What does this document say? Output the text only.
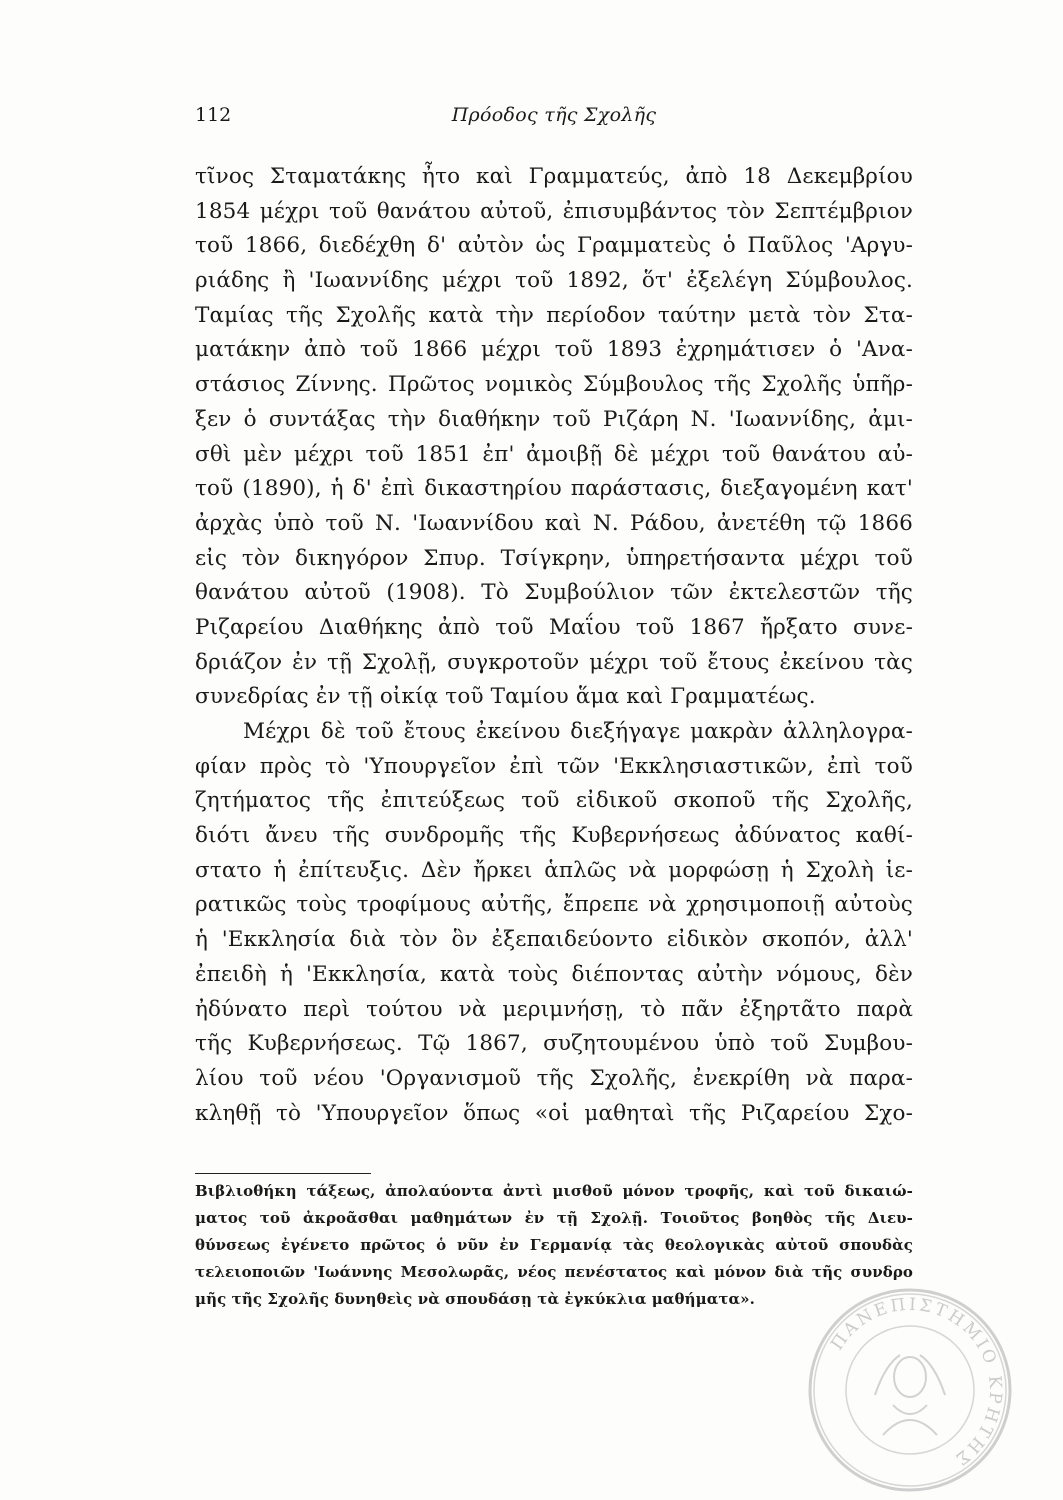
112	Πρόοδος τῆς Σχολῆς
τῖνος Σταματάκης ἦτο καὶ Γραμματεύς, ἀπὸ 18 Δεκεμβρίου
1854 μέχρι τοῦ θανάτου αὐτοῦ, ἐπισυμβάντος τὸν Σεπτέμβριον
τοῦ 1866, διεδέχθη δ' αὐτὸν ὡς Γραμματεὺς ὁ Παῦλος 'Αργυ-
ριάδης ἢ 'Ιωαννίδης μέχρι τοῦ 1892, ὅτ' ἐξελέγη Σύμβουλος.
Ταμίας τῆς Σχολῆς κατὰ τὴν περίοδον ταύτην μετὰ τὸν Στα-
ματάκην ἀπὸ τοῦ 1866 μέχρι τοῦ 1893 ἐχρημάτισεν ὁ 'Ανα-
στάσιος Ζίννης. Πρῶτος νομικὸς Σύμβουλος τῆς Σχολῆς ὑπῆρ-
ξεν ὁ συντάξας τὴν διαθήκην τοῦ Ριζάρη Ν. 'Ιωαννίδης, ἀμι-
σθὶ μὲν μέχρι τοῦ 1851 ἐπ' ἀμοιβῇ δὲ μέχρι τοῦ θανάτου αὐ-
τοῦ (1890), ἡ δ' ἐπὶ δικαστηρίου παράστασις, διεξαγομένη κατ'
ἀρχὰς ὑπὸ τοῦ Ν. 'Ιωαννίδου καὶ Ν. Ράδου, ἀνετέθη τῷ 1866
εἰς τὸν δικηγόρον Σπυρ. Τσίγκρην, ὑπηρετήσαντα μέχρι τοῦ
θανάτου αὐτοῦ (1908). Τὸ Συμβούλιον τῶν ἐκτελεστῶν τῆς
Ριζαρείου Διαθήκης ἀπὸ τοῦ Μαΐου τοῦ 1867 ἤρξατο συνε-
δριάζον ἐν τῇ Σχολῇ, συγκροτοῦν μέχρι τοῦ ἔτους ἐκείνου τὰς
συνεδρίας ἐν τῇ οἰκίᾳ τοῦ Ταμίου ἅμα καὶ Γραμματέως.
Μέχρι δὲ τοῦ ἔτους ἐκείνου διεξήγαγε μακρὰν ἀλληλογρα-
φίαν πρὸς τὸ 'Υπουργεῖον ἐπὶ τῶν 'Εκκλησιαστικῶν, ἐπὶ τοῦ
ζητήματος τῆς ἐπιτεύξεως τοῦ εἰδικοῦ σκοποῦ τῆς Σχολῆς,
διότι ἄνευ τῆς συνδρομῆς τῆς Κυβερνήσεως ἀδύνατος καθί-
στατο ἡ ἐπίτευξις. Δὲν ἤρκει ἁπλῶς νὰ μορφώσῃ ἡ Σχολὴ ἱε-
ρατικῶς τοὺς τροφίμους αὐτῆς, ἔπρεπε νὰ χρησιμοποιῇ αὐτοὺς
ἡ 'Εκκλησία διὰ τὸν ὃν ἐξεπαιδεύοντο εἰδικὸν σκοπόν, ἀλλ'
ἐπειδὴ ἡ 'Εκκλησία, κατὰ τοὺς διέποντας αὐτὴν νόμους, δὲν
ἠδύνατο περὶ τούτου νὰ μεριμνήσῃ, τὸ πᾶν ἐξηρτᾶτο παρὰ
τῆς Κυβερνήσεως. Τῷ 1867, συζητουμένου ὑπὸ τοῦ Συμβου-
λίου τοῦ νέου 'Οργανισμοῦ τῆς Σχολῆς, ἐνεκρίθη νὰ παρα-
κληθῇ τὸ 'Υπουργεῖον ὅπως «οἱ μαθηταὶ τῆς Ριζαρείου Σχο-
Βιβλιοθήκη τάξεως, ἀπολαύοντα ἀντὶ μισθοῦ μόνον τροφῆς, καὶ τοῦ δικαιώ-
ματος τοῦ ἀκροᾶσθαι μαθημάτων ἐν τῇ Σχολῇ. Τοιοῦτος βοηθὸς τῆς Διευ-
θύνσεως ἐγένετο πρῶτος ὁ νῦν ἐν Γερμανίᾳ τὰς θεολογικὰς αὐτοῦ σπουδὰς
τελειοποιῶν 'Ιωάννης Μεσολωρᾶς, νέος πενέστατος καὶ μόνον διὰ τῆς συνδρο
μῆς τῆς Σχολῆς δυνηθεὶς νὰ σπουδάσῃ τὰ ἐγκύκλια μαθήματα».
ΠΑΝΕΠΙΣΤΗΜΙΟ ΚΡΗΤΗΣ
